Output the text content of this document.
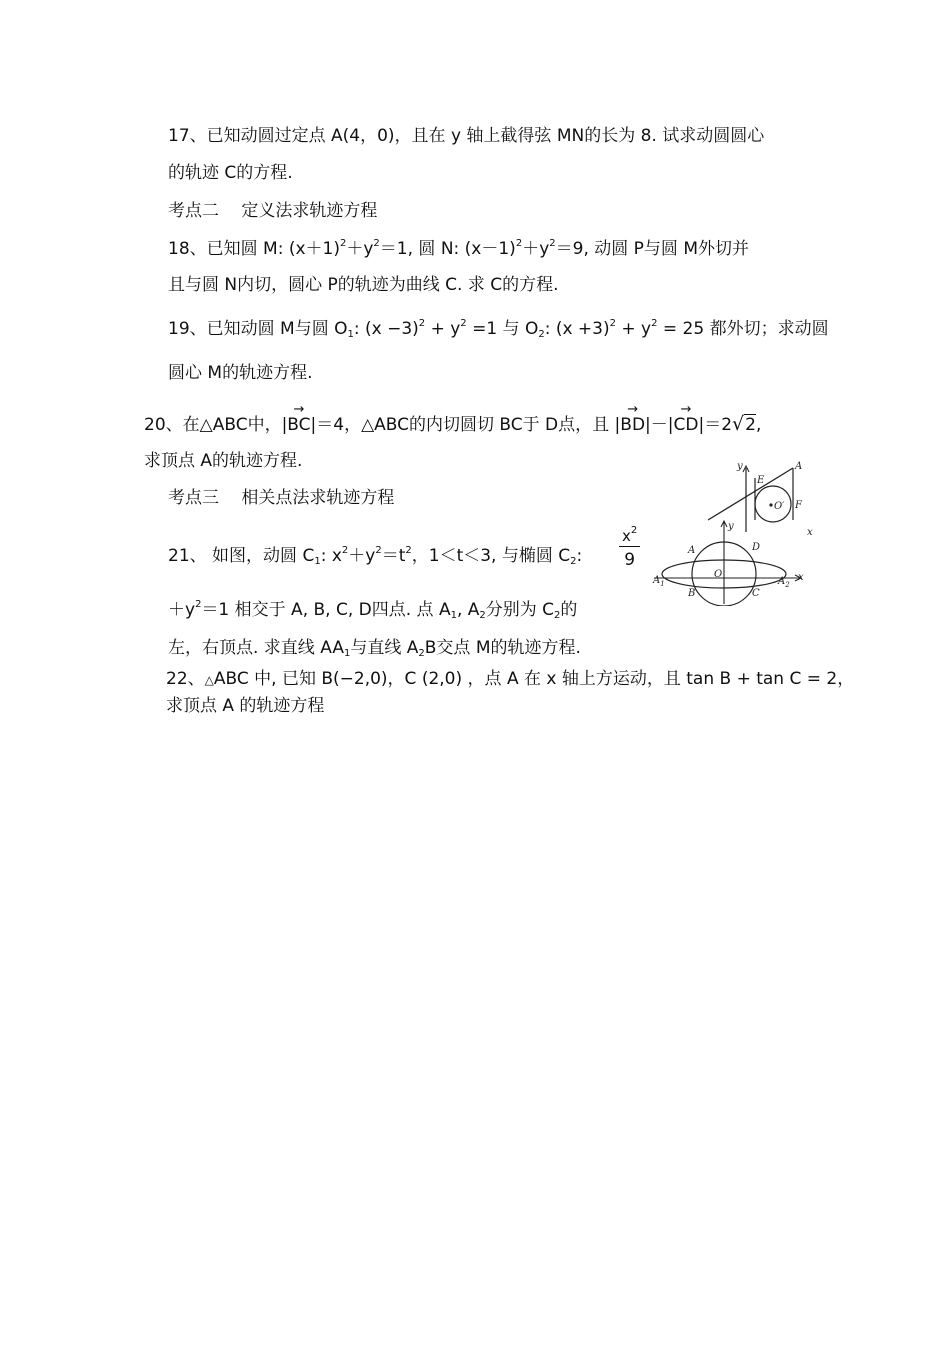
17、已知动圆过定点 A(4，0)，且在 y 轴上截得弦 MN的长为 8. 试求动圆圆心
的轨迹 C的方程.
考点二　 定义法求轨迹方程
18、已知圆 M: $(x+1)^2+y^2=1$, 圆 N: $(x-1)^2+y^2=9$, 动圆 P与圆 M外切并
且与圆 N内切，圆心 P的轨迹为曲线 C. 求 C的方程.
19、已知动圆 M与圆 $O_1$: $(x -3)^2 + y^2 =1$ 与 $O_2$: $(x +3)^2 + y^2 = 25$ 都外切；求动圆
圆心 M的轨迹方程.
20、在△ABC中，|→ BC|＝4，△ABC的内切圆切 BC于 D点，且 |→ BD|－|→ CD|＝2√2,
求顶点 A的轨迹方程.
考点三　 相关点法求轨迹方程
y	A
E
O′ F
x
21、 如图，动圆 $C_1$: $x^2+y^2=t^2$，1＜t＜3, 与椭圆 $C_2$: $\frac{x^2}{9}$
$+y^2=1$ 相交于 A, B, C, D四点. 点 $A_1$, $A_2$分别为 $C_2$的
左，右顶点. 求直线 $AA_1$与直线 $A_2B$交点 M的轨迹方程.
x
y
A	D
O
$A_1$	$A_2$
B	C
22、△ABC 中, 已知 B(−2,0)，C (2,0) ，点 A 在 x 轴上方运动，且 tan B + tan C = 2，
求顶点 A 的轨迹方程
